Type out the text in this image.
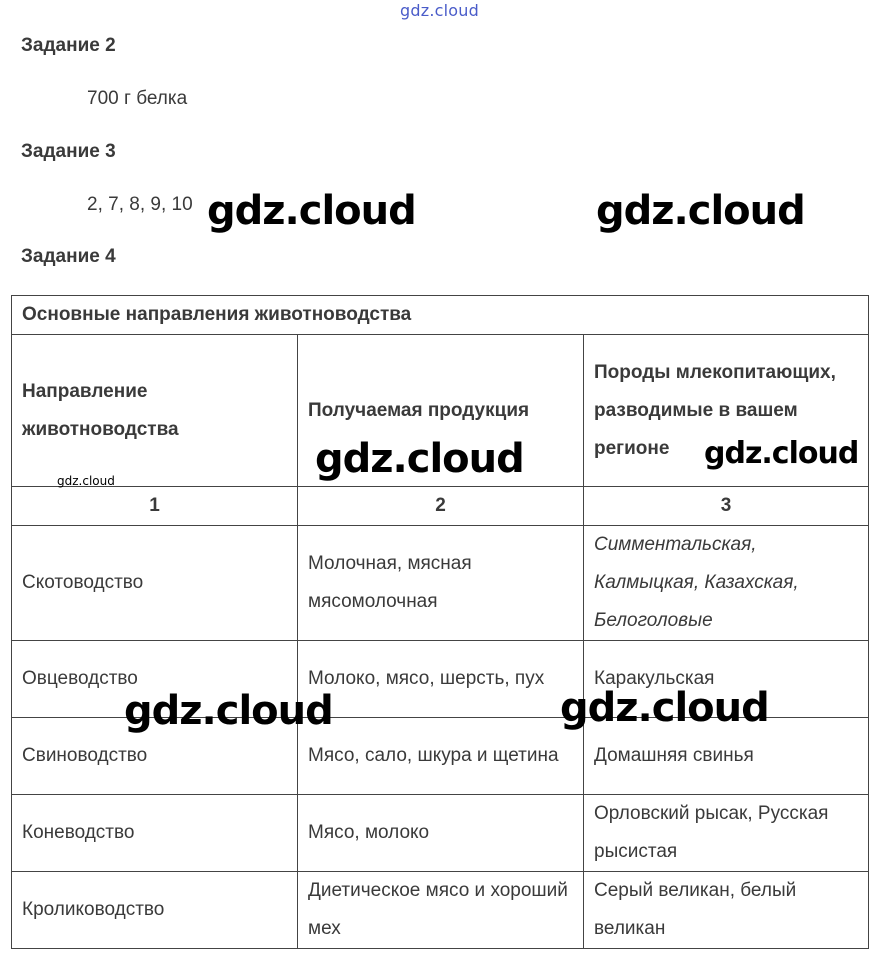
gdz.cloud
Задание 2
700 г белка
Задание 3
2, 7, 8, 9, 10
Задание 4
Основные направления животноводства		
Направление животноводства	Получаемая продукция	Породы млекопитающих, разводимые в вашем регионе
1	2	3
Скотоводство	Молочная, мясная мясомолочная	Симментальская, Калмыцкая, Казахская, Белоголовые
Овцеводство	Молоко, мясо, шерсть, пух	Каракульская
Свиноводство	Мясо, сало, шкура и щетина	Домашняя свинья
Коневодство	Мясо, молоко	Орловский рысак, Русская рысистая
Кролиководство	Диетическое мясо и хороший мех	Серый великан, белый великан
gdz.cloud	gdz.cloud
gdz.cloud	gdz.cloud
gdz.cloud
gdz.cloud	gdz.cloud
